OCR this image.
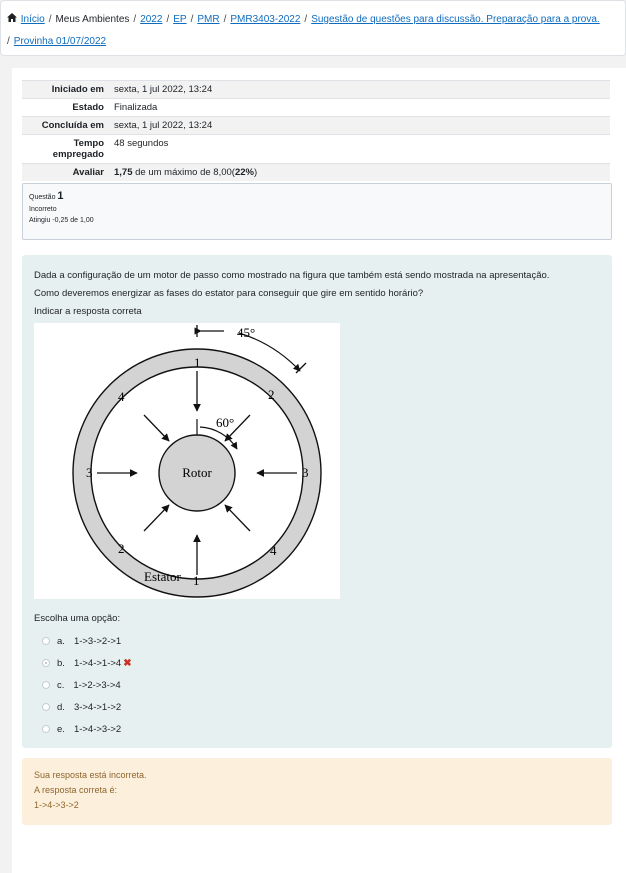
Início / Meus Ambientes / 2022 / EP / PMR / PMR3403-2022 / Sugestão de questões para discussão. Preparação para a prova.
/ Provinha 01/07/2022
Iniciado em	sexta, 1 jul 2022, 13:24
Estado	Finalizada
Concluída em	sexta, 1 jul 2022, 13:24
Tempo empregado	48 segundos
Avaliar	1,75 de um máximo de 8,00(22%)
Questão 1
Incorreto
Atingiu -0,25 de 1,00

Dada a configuração de um motor de passo como mostrado na figura que também está sendo mostrada na apresentação.

Como deveremos energizar as fases do estator para conseguir que gire em sentido horário?

Indicar a resposta correta

45°
60°
Rotor
1
1
Estator
2
2
3	3
4
4
Escolha uma opção:
a. 1->3->2->1
b. 1->4->1->4 ✖
c. 1->2->3->4
d. 3->4->1->2
e. 1->4->3->2
Sua resposta está incorreta.
A resposta correta é:
1->4->3->2
